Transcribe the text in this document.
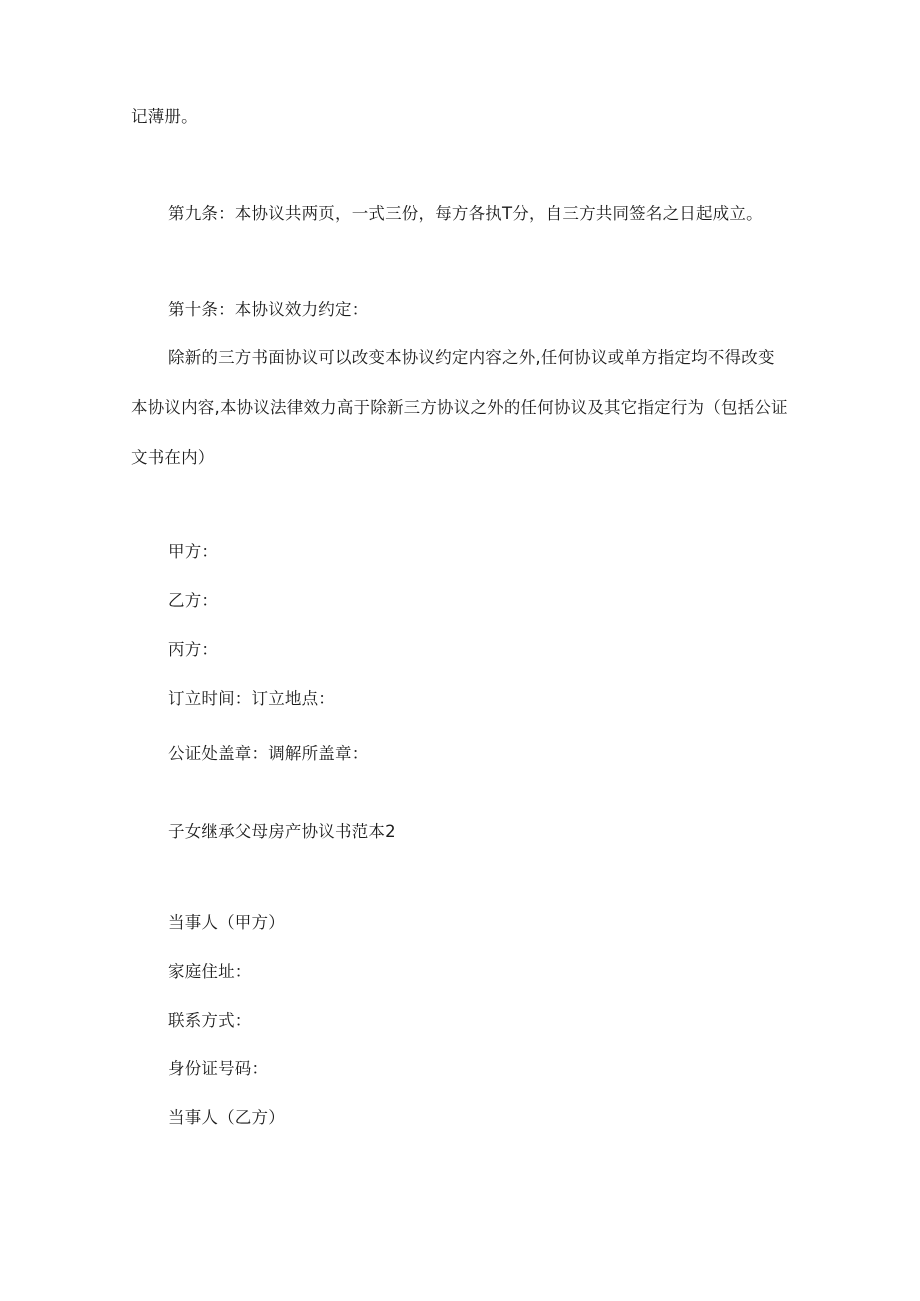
记薄册。
第九条：本协议共两页，一式三份，每方各执T分，自三方共同签名之日起成立。
第十条：本协议效力约定：
除新的三方书面协议可以改变本协议约定内容之外,任何协议或单方指定均不得改变本协议内容,本协议法律效力高于除新三方协议之外的任何协议及其它指定行为（包括公证文书在内）
甲方：
乙方：
丙方：
订立时间：订立地点：
公证处盖章：调解所盖章：
子女继承父母房产协议书范本2
当事人（甲方）
家庭住址：
联系方式：
身份证号码：
当事人（乙方）
